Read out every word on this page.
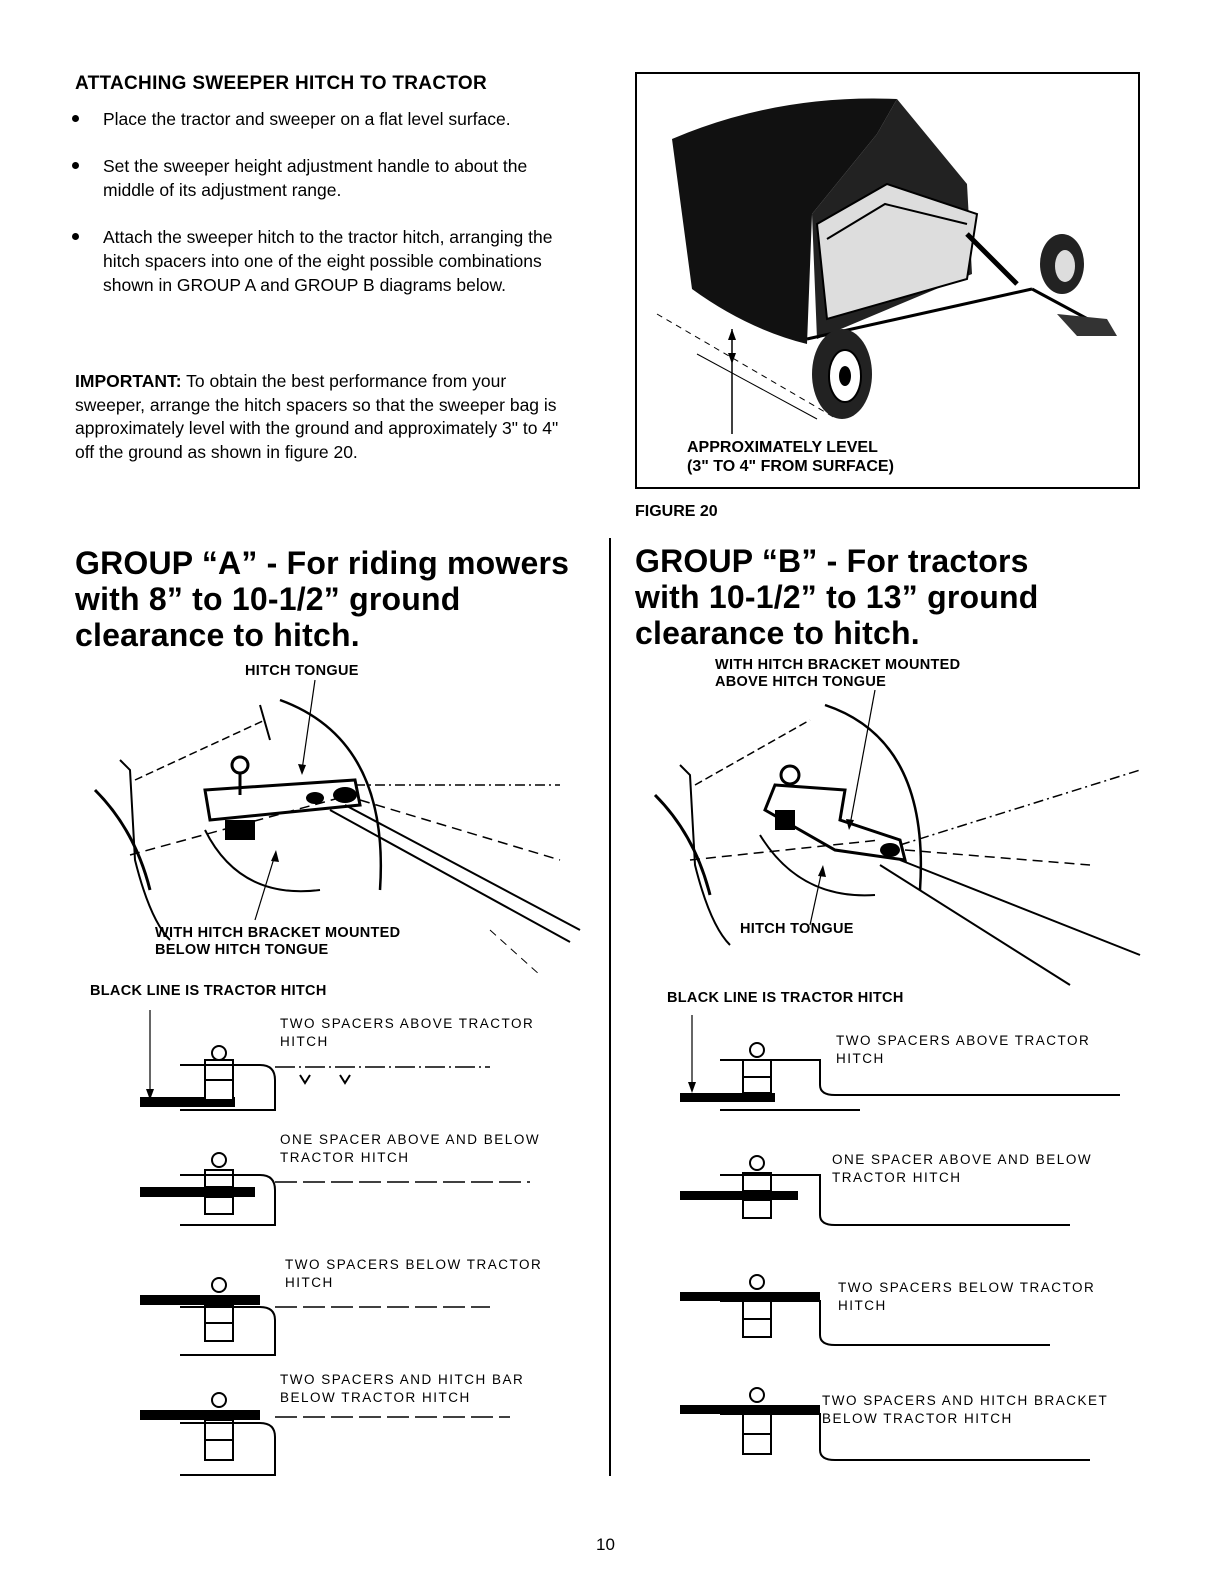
ATTACHING SWEEPER HITCH TO TRACTOR
Place the tractor and sweeper on a flat level surface.
Set the sweeper height adjustment handle to about the middle of its adjustment range.
Attach the sweeper hitch to the tractor hitch, arranging the hitch spacers into one of the eight possible combinations shown in GROUP A and GROUP B diagrams below.
IMPORTANT: To obtain the best performance from your sweeper, arrange the hitch spacers so that the sweeper bag is approximately level with the ground and approximately 3" to 4" off the ground as shown in figure 20.	APPROXIMATELY LEVEL
(3" TO 4" FROM SURFACE)
FIGURE 20
GROUP “A” - For riding mowers
with 8” to 10-1/2” ground
clearance to hitch.
HITCH TONGUE
WITH HITCH BRACKET MOUNTED
BELOW HITCH TONGUE
BLACK LINE IS TRACTOR HITCH
TWO SPACERS ABOVE TRACTOR
HITCH
ONE SPACER ABOVE AND BELOW
TRACTOR HITCH
TWO SPACERS BELOW TRACTOR
HITCH
TWO SPACERS AND HITCH BAR
BELOW TRACTOR HITCH
GROUP “B” - For tractors
with 10-1/2” to 13” ground
clearance to hitch.
WITH HITCH BRACKET MOUNTED
ABOVE HITCH TONGUE
HITCH TONGUE
BLACK LINE IS TRACTOR HITCH
TWO SPACERS ABOVE TRACTOR
HITCH
ONE SPACER ABOVE AND BELOW
TRACTOR HITCH
TWO SPACERS BELOW TRACTOR
HITCH
TWO SPACERS AND HITCH BRACKET
BELOW TRACTOR HITCH
10
